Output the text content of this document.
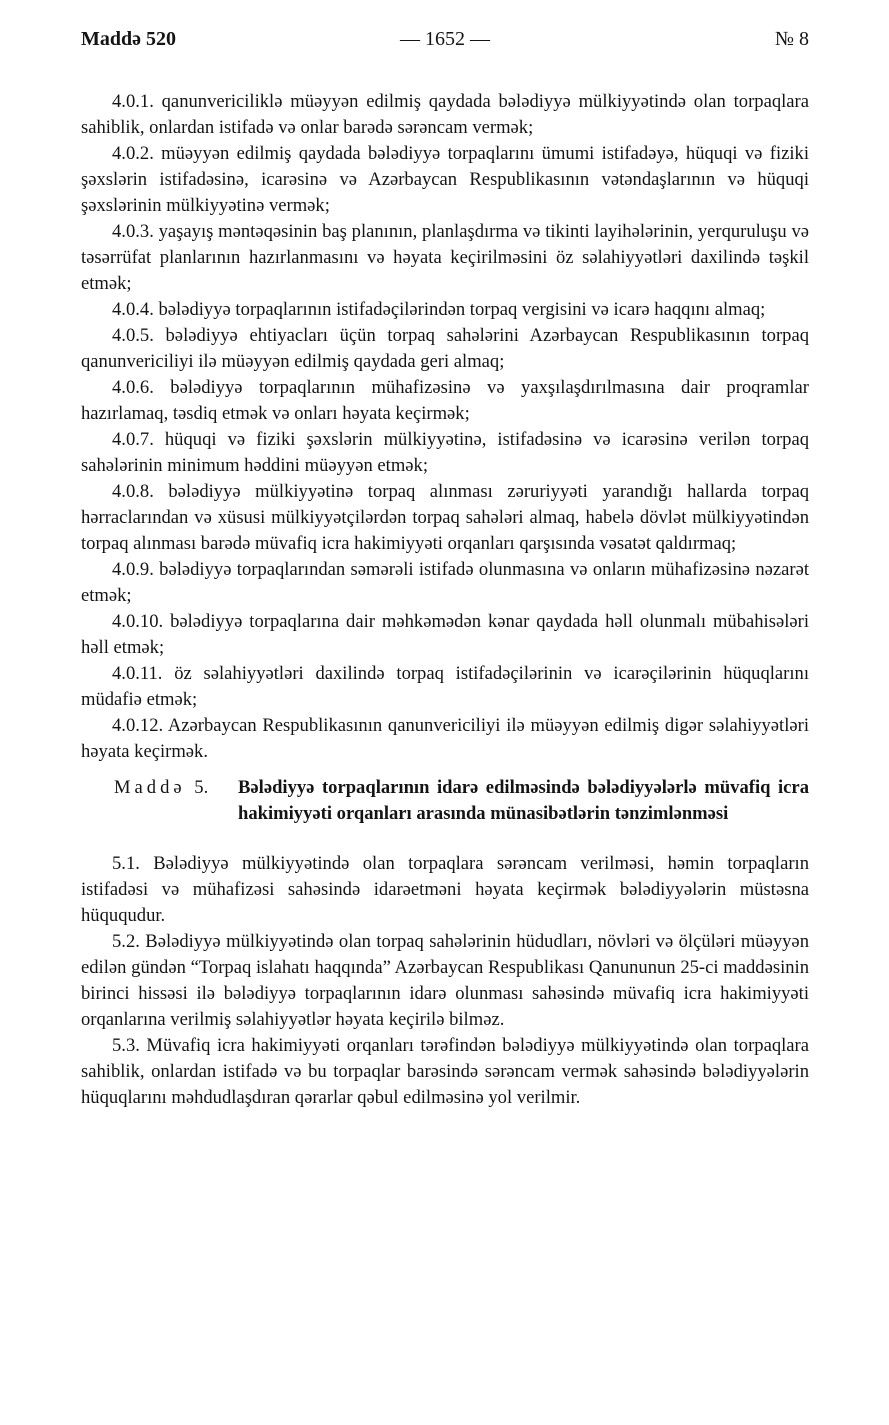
Maddə 520	— 1652 —	№ 8

4.0.1. qanunvericiliklə müəyyən edilmiş qaydada bələdiyyə mülkiyyətində olan torpaqlara sahiblik, onlardan istifadə və onlar barədə sərəncam vermək;

4.0.2. müəyyən edilmiş qaydada bələdiyyə torpaqlarını ümumi istifadəyə, hüquqi və fiziki şəxslərin istifadəsinə, icarəsinə və Azərbaycan Respublikasının vətəndaşlarının və hüquqi şəxslərinin mülkiyyətinə vermək;

4.0.3. yaşayış məntəqəsinin baş planının, planlaşdırma və tikinti layihələrinin, yerquruluşu və təsərrüfat planlarının hazırlanmasını və həyata keçirilməsini öz səlahiyyətləri daxilində təşkil etmək;

4.0.4. bələdiyyə torpaqlarının istifadəçilərindən torpaq vergisini və icarə haqqını almaq;

4.0.5. bələdiyyə ehtiyacları üçün torpaq sahələrini Azərbaycan Respublikasının torpaq qanunvericiliyi ilə müəyyən edilmiş qaydada geri almaq;

4.0.6. bələdiyyə torpaqlarının mühafizəsinə və yaxşılaşdırılmasına dair proqramlar hazırlamaq, təsdiq etmək və onları həyata keçirmək;

4.0.7. hüquqi və fiziki şəxslərin mülkiyyətinə, istifadəsinə və icarəsinə verilən torpaq sahələrinin minimum həddini müəyyən etmək;

4.0.8. bələdiyyə mülkiyyətinə torpaq alınması zəruriyyəti yarandığı hallarda torpaq hərraclarından və xüsusi mülkiyyətçilərdən torpaq sahələri almaq, habelə dövlət mülkiyyətindən torpaq alınması barədə müvafiq icra hakimiyyəti orqanları qarşısında vəsatət qaldırmaq;

4.0.9. bələdiyyə torpaqlarından səmərəli istifadə olunmasına və onların mühafizəsinə nəzarət etmək;

4.0.10. bələdiyyə torpaqlarına dair məhkəmədən kənar qaydada həll olunmalı mübahisələri həll etmək;

4.0.11. öz səlahiyyətləri daxilində torpaq istifadəçilərinin və icarəçilərinin hüquqlarını müdafiə etmək;

4.0.12. Azərbaycan Respublikasının qanunvericiliyi ilə müəyyən edilmiş digər səlahiyyətləri həyata keçirmək.

Maddə 5.	Bələdiyyə torpaqlarının idarə edilməsində bələdiyyələrlə müvafiq icra hakimiyyəti orqanları arasında münasibətlərin tənzimlənməsi

5.1. Bələdiyyə mülkiyyətində olan torpaqlara sərəncam verilməsi, həmin torpaqların istifadəsi və mühafizəsi sahəsində idarəetməni həyata keçirmək bələdiyyələrin müstəsna hüququdur.

5.2. Bələdiyyə mülkiyyətində olan torpaq sahələrinin hüdudları, növləri və ölçüləri müəyyən edilən gündən “Torpaq islahatı haqqında” Azərbaycan Respublikası Qanununun 25-ci maddəsinin birinci hissəsi ilə bələdiyyə torpaqlarının idarə olunması sahəsində müvafiq icra hakimiyyəti orqanlarına verilmiş səlahiyyətlər həyata keçirilə bilməz.

5.3. Müvafiq icra hakimiyyəti orqanları tərəfindən bələdiyyə mülkiyyətində olan torpaqlara sahiblik, onlardan istifadə və bu torpaqlar barəsində sərəncam vermək sahəsində bələdiyyələrin hüquqlarını məhdudlaşdıran qərarlar qəbul edilməsinə yol verilmir.
